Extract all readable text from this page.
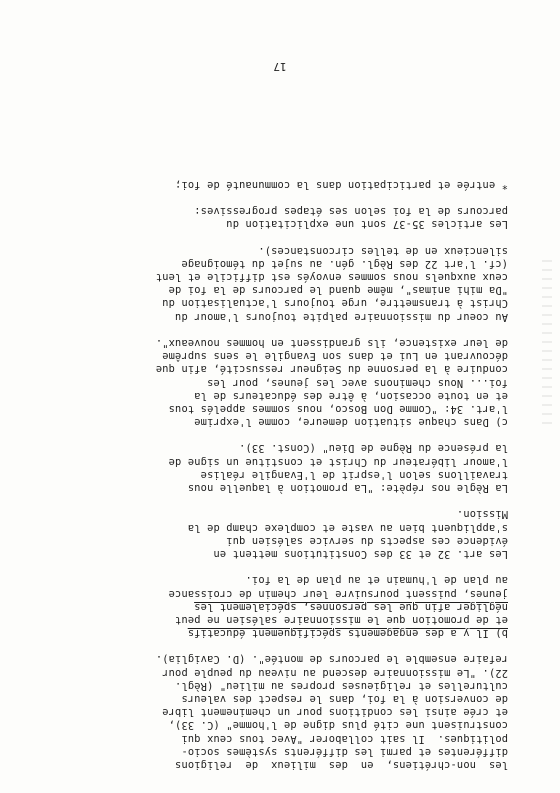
les  non-chrétiens,  en  des  milieux  de  religions
différentes et parmi les différents systèmes socio-
politiques.  Il sait collaborer "Avec tous ceux qui
construisent une cité plus digne de l'homme" (C. 33),
et crée ainsi les conditions pour un cheminement libre
de conversion à la foi, dans le respect des valeurs
culturelles et religieuses propres au milieu" (Règl.
22). "Le missionnaire descend au niveau du peuple pour
refaire ensemble le parcours de montée". (D. Caviglia).
b) Il y a des engagements spécifiquement éducatifs
et de promotion que le missionnaire salésien ne peut
négliger afin que les personnes, spécialement les
jeunes, puissent poursuivre leur chemin de croissance
au plan de l'humain et au plan de la foi.
Les art. 32 et 33 des Constitutions mettent en
évidence ces aspects du service salésien qui
s'appliquent bien au vaste et complexe champ de la
Mission.
La Règle nos répète: "La promotion à laquelle nous
travaillons selon l'esprit de l'Evangile réalise
l'amour libérateur du Christ et constitue un signe de
la présence du Règne de Dieu" (Const. 33).
c) Dans chaque situation demeure, comme l'exprime
l'art. 34: "Comme Don Bosco, nous sommes appelés tous
et en toute occasion, à être des éducateurs de la
foi... Nous cheminons avec les jeunes, pour les
conduire à la personne du Seigneur ressuscité, afin que
découvrant en Lui et dans son Evangile le sens suprême
de leur existence, ils grandissent en hommes nouveaux".
Au coeur du missionnaire palpite toujours l'amour du
Christ à transmettre, urge toujours l'actualisation du
"Da mihi animas", même quand le parcours de la foi de
ceux auxquels nous sommes envoyés est difficile et lent
(cf. l'art 22 des Règl. gén. au sujet du témoignage
silencieux en de telles circonstances).
Les articles 35-37 sont une explicitation du
parcours de la foi selon ses étapes progressives:
* entrée et participation dans la communauté de foi;
17
